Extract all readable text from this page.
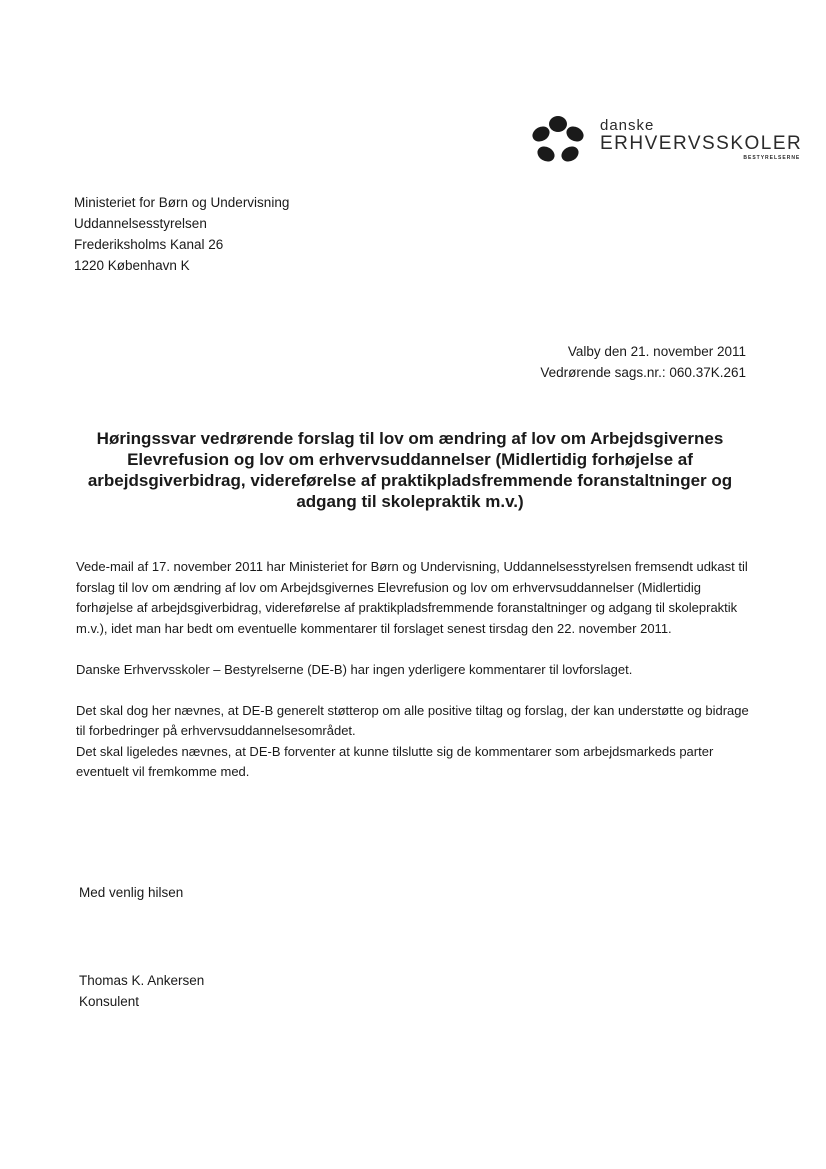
danske
ERHVERVSSKOLER
BESTYRELSERNE
Ministeriet for Børn og Undervisning
Uddannelsesstyrelsen
Frederiksholms Kanal 26
1220 København K
Valby den 21. november 2011
Vedrørende sags.nr.: 060.37K.261
Høringssvar vedrørende forslag til lov om ændring af lov om Arbejdsgivernes Elevrefusion og lov om erhvervsuddannelser (Midlertidig forhøjelse af arbejdsgiverbidrag, videreførelse af praktikpladsfremmende foranstaltninger og adgang til skolepraktik m.v.)

Vede-mail af 17. november 2011 har Ministeriet for Børn og Undervisning, Uddannelsesstyrelsen fremsendt udkast til forslag til lov om ændring af lov om Arbejdsgivernes Elevrefusion og lov om erhvervsuddannelser (Midlertidig forhøjelse af arbejdsgiverbidrag, videreførelse af praktikpladsfremmende foranstaltninger og adgang til skolepraktik m.v.), idet man har bedt om eventuelle kommentarer til forslaget senest tirsdag den 22. november 2011.

Danske Erhvervsskoler – Bestyrelserne (DE-B) har ingen yderligere kommentarer til lovforslaget.

Det skal dog her nævnes, at DE-B generelt støtterop om alle positive tiltag og forslag, der kan understøtte og bidrage til forbedringer på erhvervsuddannelsesområdet.

Det skal ligeledes nævnes, at DE-B forventer at kunne tilslutte sig de kommentarer som arbejdsmarkeds parter eventuelt vil fremkomme med.

Med venlig hilsen
Thomas K. Ankersen
Konsulent
